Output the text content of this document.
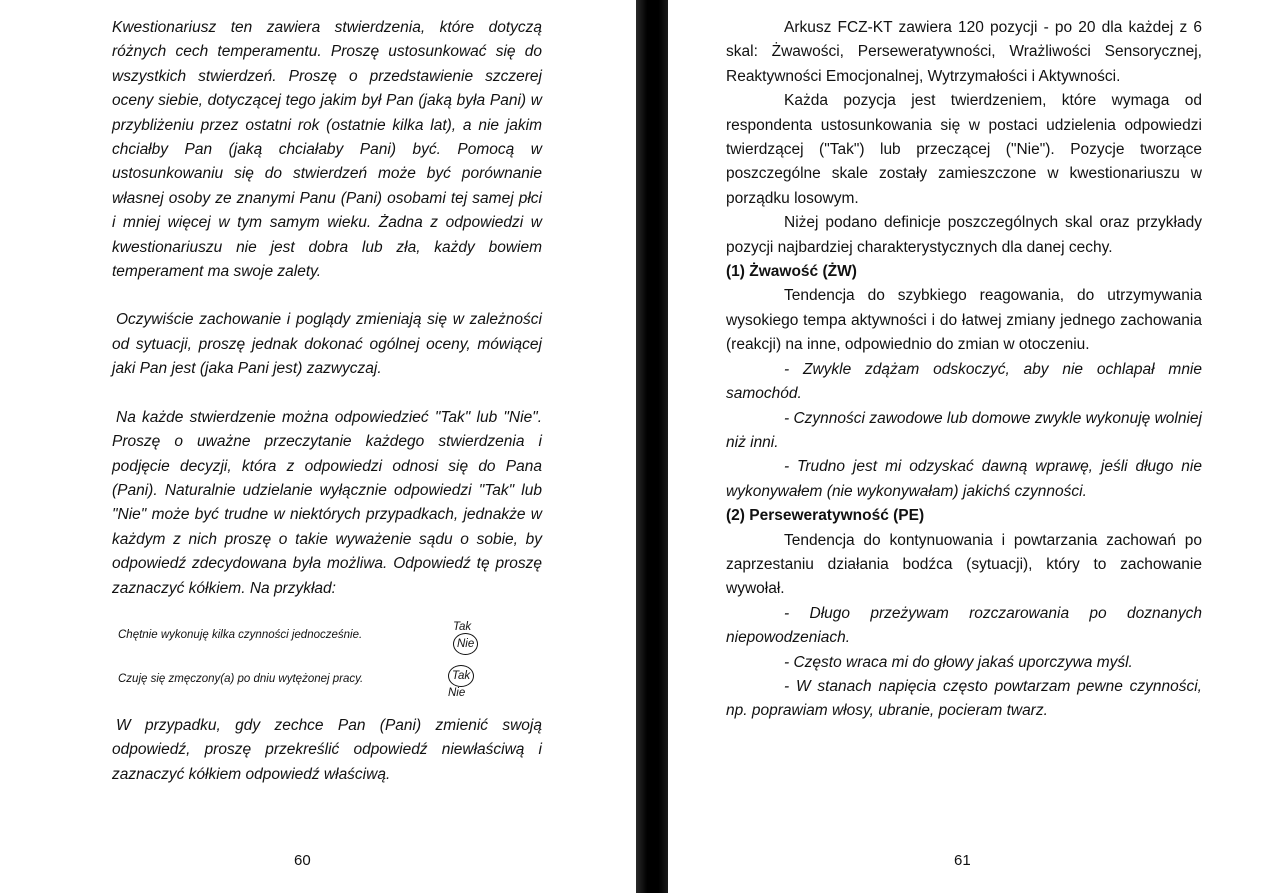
Kwestionariusz ten zawiera stwierdzenia, które dotyczą różnych cech temperamentu. Proszę ustosunkować się do wszystkich stwierdzeń. Proszę o przedstawienie szczerej oceny siebie, dotyczącej tego jakim był Pan (jaką była Pani) w przybliżeniu przez ostatni rok (ostatnie kilka lat), a nie jakim chciałby Pan (jaką chciałaby Pani) być. Pomocą w ustosunkowaniu się do stwierdzeń może być porównanie własnej osoby ze znanymi Panu (Pani) osobami tej samej płci i mniej więcej w tym samym wieku. Żadna z odpowiedzi w kwestionariuszu nie jest dobra lub zła, każdy bowiem temperament ma swoje zalety.

Oczywiście zachowanie i poglądy zmieniają się w zależności od sytuacji, proszę jednak dokonać ogólnej oceny, mówiącej jaki Pan jest (jaka Pani jest) zazwyczaj.

Na każde stwierdzenie można odpowiedzieć "Tak" lub "Nie". Proszę o uważne przeczytanie każdego stwierdzenia i podjęcie decyzji, która z odpowiedzi odnosi się do Pana (Pani). Naturalnie udzielanie wyłącznie odpowiedzi "Tak" lub "Nie" może być trudne w niektórych przypadkach, jednakże w każdym z nich proszę o takie wyważenie sądu o sobie, by odpowiedź zdecydowana była możliwa. Odpowiedź tę proszę zaznaczyć kółkiem. Na przykład:

Chętnie wykonuję kilka czynności jednocześnie.
Tak Nie
Czuję się zmęczony(a) po dniu wytężonej pracy.	Tak Nie
W przypadku, gdy zechce Pan (Pani) zmienić swoją odpowiedź, proszę przekreślić odpowiedź niewłaściwą i zaznaczyć kółkiem odpowiedź właściwą.
60

Arkusz FCZ-KT zawiera 120 pozycji - po 20 dla każdej z 6 skal: Żwawości, Perseweratywności, Wrażliwości Sensorycznej, Reaktywności Emocjonalnej, Wytrzymałości i Aktywności.

Każda pozycja jest twierdzeniem, które wymaga od respondenta ustosunkowania się w postaci udzielenia odpowiedzi twierdzącej ("Tak") lub przeczącej ("Nie"). Pozycje tworzące poszczególne skale zostały zamieszczone w kwestionariuszu w porządku losowym.

Niżej podano definicje poszczególnych skal oraz przykłady pozycji najbardziej charakterystycznych dla danej cechy.

(1) Żwawość (ŻW)

Tendencja do szybkiego reagowania, do utrzymywania wysokiego tempa aktywności i do łatwej zmiany jednego zachowania (reakcji) na inne, odpowiednio do zmian w otoczeniu.

- Zwykle zdążam odskoczyć, aby nie ochlapał mnie samochód.

- Czynności zawodowe lub domowe zwykle wykonuję wolniej niż inni.

- Trudno jest mi odzyskać dawną wprawę, jeśli długo nie wykonywałem (nie wykonywałam) jakichś czynności.

(2) Perseweratywność (PE)

Tendencja do kontynuowania i powtarzania zachowań po zaprzestaniu działania bodźca (sytuacji), który to zachowanie wywołał.

- Długo przeżywam rozczarowania po doznanych niepowodzeniach.

- Często wraca mi do głowy jakaś uporczywa myśl.

- W stanach napięcia często powtarzam pewne czynności, np. poprawiam włosy, ubranie, pocieram twarz.

61
